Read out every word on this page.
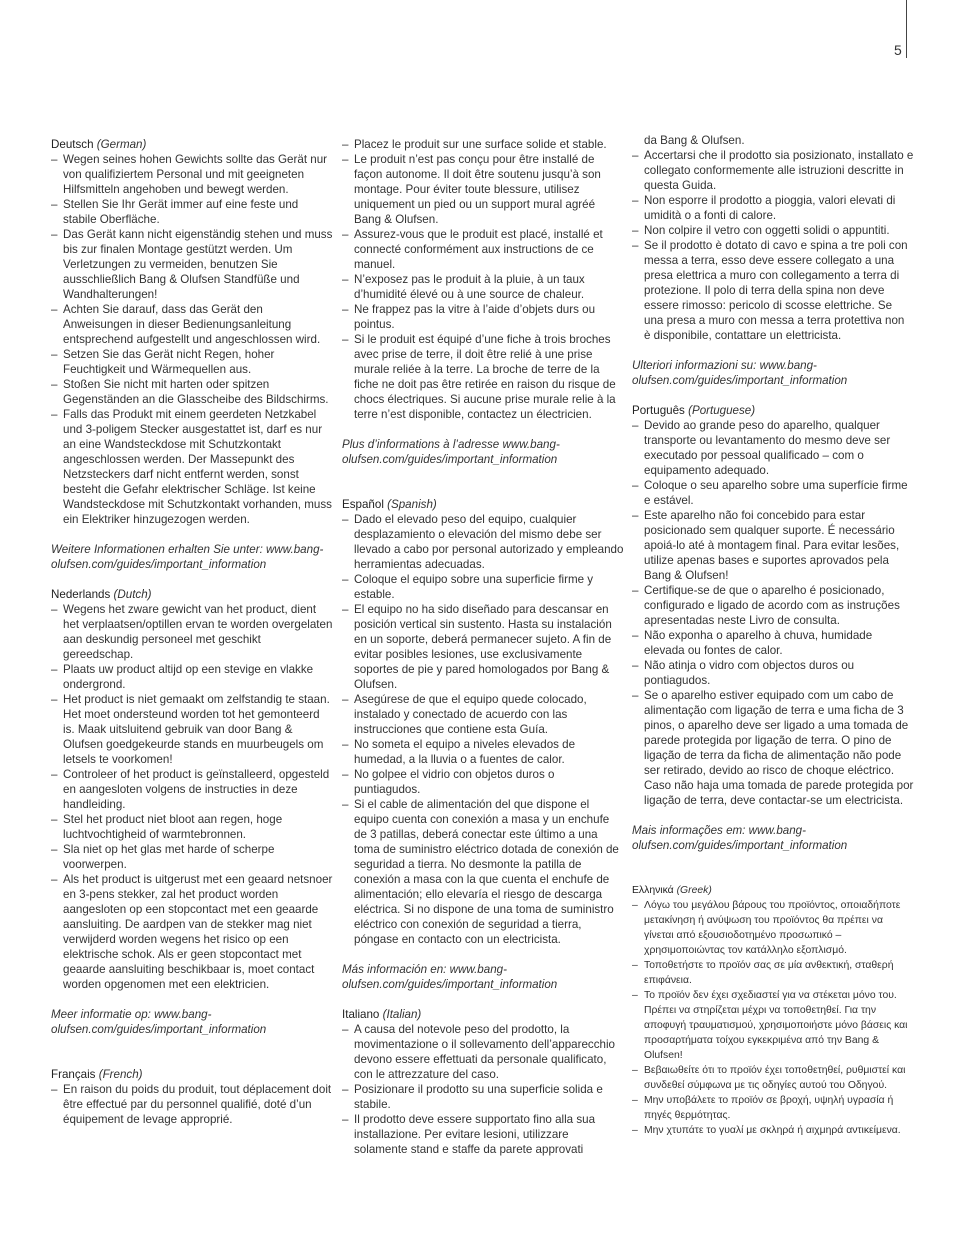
5

Deutsch (German)

– Wegen seines hohen Gewichts sollte das Gerät nur von qualifiziertem Personal und mit geeigneten Hilfsmitteln angehoben und bewegt werden.
– Stellen Sie Ihr Gerät immer auf eine feste und stabile Oberfläche.
– Das Gerät kann nicht eigenständig stehen und muss bis zur finalen Montage gestützt werden. Um Verletzungen zu vermeiden, benutzen Sie ausschließlich Bang & Olufsen Standfüße und Wandhalterungen!
– Achten Sie darauf, dass das Gerät den Anweisungen in dieser Bedienungsanleitung entsprechend aufgestellt und angeschlossen wird.
– Setzen Sie das Gerät nicht Regen, hoher Feuchtigkeit und Wärmequellen aus.
– Stoßen Sie nicht mit harten oder spitzen Gegenständen an die Glasscheibe des Bildschirms.
– Falls das Produkt mit einem geerdeten Netzkabel und 3-poligem Stecker ausgestattet ist, darf es nur an eine Wandsteckdose mit Schutzkontakt angeschlossen werden. Der Massepunkt des Netzsteckers darf nicht entfernt werden, sonst besteht die Gefahr elektrischer Schläge. Ist keine Wandsteckdose mit Schutzkontakt vorhanden, muss ein Elektriker hinzugezogen werden.

Weitere Informationen erhalten Sie unter: www.bang-olufsen.com/guides/important_information

Nederlands (Dutch)

– Wegens het zware gewicht van het product, dient het verplaatsen/optillen ervan te worden overgelaten aan deskundig personeel met geschikt gereedschap.
– Plaats uw product altijd op een stevige en vlakke ondergrond.
– Het product is niet gemaakt om zelfstandig te staan. Het moet ondersteund worden tot het gemonteerd is. Maak uitsluitend gebruik van door Bang & Olufsen goedgekeurde stands en muurbeugels om letsels te voorkomen!
– Controleer of het product is geïnstalleerd, opgesteld en aangesloten volgens de instructies in deze handleiding.
– Stel het product niet bloot aan regen, hoge luchtvochtigheid of warmtebronnen.
– Sla niet op het glas met harde of scherpe voorwerpen.
– Als het product is uitgerust met een geaard netsnoer en 3-pens stekker, zal het product worden aangesloten op een stopcontact met een geaarde aansluiting. De aardpen van de stekker mag niet verwijderd worden wegens het risico op een elektrische schok. Als er geen stopcontact met geaarde aansluiting beschikbaar is, moet contact worden opgenomen met een elektricien.

Meer informatie op: www.bang-olufsen.com/guides/important_information

Français (French)

– En raison du poids du produit, tout déplacement doit être effectué par du personnel qualifié, doté d’un équipement de levage approprié.
– Placez le produit sur une surface solide et stable.
– Le produit n’est pas conçu pour être installé de façon autonome. Il doit être soutenu jusqu’à son montage. Pour éviter toute blessure, utilisez uniquement un pied ou un support mural agréé Bang & Olufsen.
– Assurez-vous que le produit est placé, installé et connecté conformément aux instructions de ce manuel.
– N’exposez pas le produit à la pluie, à un taux d’humidité élevé ou à une source de chaleur.
– Ne frappez pas la vitre à l’aide d’objets durs ou pointus.
– Si le produit est équipé d’une fiche à trois broches avec prise de terre, il doit être relié à une prise murale reliée à la terre. La broche de terre de la fiche ne doit pas être retirée en raison du risque de chocs électriques. Si aucune prise murale relie à la terre n’est disponible, contactez un électricien.

Plus d’informations à l’adresse www.bang-olufsen.com/guides/important_information

Español (Spanish)

– Dado el elevado peso del equipo, cualquier desplazamiento o elevación del mismo debe ser llevado a cabo por personal autorizado y empleando herramientas adecuadas.
– Coloque el equipo sobre una superficie firme y estable.
– El equipo no ha sido diseñado para descansar en posición vertical sin sustento. Hasta su instalación en un soporte, deberá permanecer sujeto. A fin de evitar posibles lesiones, use exclusivamente soportes de pie y pared homologados por Bang & Olufsen.
– Asegúrese de que el equipo quede colocado, instalado y conectado de acuerdo con las instrucciones que contiene esta Guía.
– No someta el equipo a niveles elevados de humedad, a la lluvia o a fuentes de calor.
– No golpee el vidrio con objetos duros o puntiagudos.
– Si el cable de alimentación del que dispone el equipo cuenta con conexión a masa y un enchufe de 3 patillas, deberá conectar este último a una toma de suministro eléctrico dotada de conexión de seguridad a tierra. No desmonte la patilla de conexión a masa con la que cuenta el enchufe de alimentación; ello elevaría el riesgo de descarga eléctrica. Si no dispone de una toma de suministro eléctrico con conexión de seguridad a tierra, póngase en contacto con un electricista.

Más información en: www.bang-olufsen.com/guides/important_information

Italiano (Italian)

– A causa del notevole peso del prodotto, la movimentazione o il sollevamento dell’apparecchio devono essere effettuati da personale qualificato, con le attrezzature del caso.
– Posizionare il prodotto su una superficie solida e stabile.
– Il prodotto deve essere supportato fino alla sua installazione. Per evitare lesioni, utilizzare solamente stand e staffe da parete approvati

da Bang & Olufsen.

– Accertarsi che il prodotto sia posizionato, installato e collegato conformemente alle istruzioni descritte in questa Guida.
– Non esporre il prodotto a pioggia, valori elevati di umidità o a fonti di calore.
– Non colpire il vetro con oggetti solidi o appuntiti.
– Se il prodotto è dotato di cavo e spina a tre poli con messa a terra, esso deve essere collegato a una presa elettrica a muro con collegamento a terra di protezione. Il polo di terra della spina non deve essere rimosso: pericolo di scosse elettriche. Se una presa a muro con messa a terra protettiva non è disponibile, contattare un elettricista.

Ulteriori informazioni su: www.bang-olufsen.com/guides/important_information

Português (Portuguese)

– Devido ao grande peso do aparelho, qualquer transporte ou levantamento do mesmo deve ser executado por pessoal qualificado – com o equipamento adequado.
– Coloque o seu aparelho sobre uma superfície firme e estável.
– Este aparelho não foi concebido para estar posicionado sem qualquer suporte. É necessário apoiá-lo até à montagem final. Para evitar lesões, utilize apenas bases e suportes aprovados pela Bang & Olufsen!
– Certifique-se de que o aparelho é posicionado, configurado e ligado de acordo com as instruções apresentadas neste Livro de consulta.
– Não exponha o aparelho à chuva, humidade elevada ou fontes de calor.
– Não atinja o vidro com objectos duros ou pontiagudos.
– Se o aparelho estiver equipado com um cabo de alimentação com ligação de terra e uma ficha de 3 pinos, o aparelho deve ser ligado a uma tomada de parede protegida por ligação de terra. O pino de ligação de terra da ficha de alimentação não pode ser retirado, devido ao risco de choque eléctrico. Caso não haja uma tomada de parede protegida por ligação de terra, deve contactar-se um electricista.

Mais informações em: www.bang-olufsen.com/guides/important_information

Ελληνικά (Greek)

– Λόγω του μεγάλου βάρους του προϊόντος, οποιαδήποτε μετακίνηση ή ανύψωση του προϊόντος θα πρέπει να γίνεται από εξουσιοδοτημένο προσωπικό – χρησιμοποιώντας τον κατάλληλο εξοπλισμό.
– Τοποθετήστε το προϊόν σας σε μία ανθεκτική, σταθερή επιφάνεια.
– Το προϊόν δεν έχει σχεδιαστεί για να στέκεται μόνο του. Πρέπει να στηρίζεται μέχρι να τοποθετηθεί. Για την αποφυγή τραυματισμού, χρησιμοποιήστε μόνο βάσεις και προσαρτήματα τοίχου εγκεκριμένα από την Bang & Olufsen!
– Βεβαιωθείτε ότι το προϊόν έχει τοποθετηθεί, ρυθμιστεί και συνδεθεί σύμφωνα με τις οδηγίες αυτού του Οδηγού.
– Μην υποβάλετε το προϊόν σε βροχή, υψηλή υγρασία ή πηγές θερμότητας.
– Μην χτυπάτε το γυαλί με σκληρά ή αιχμηρά αντικείμενα.
